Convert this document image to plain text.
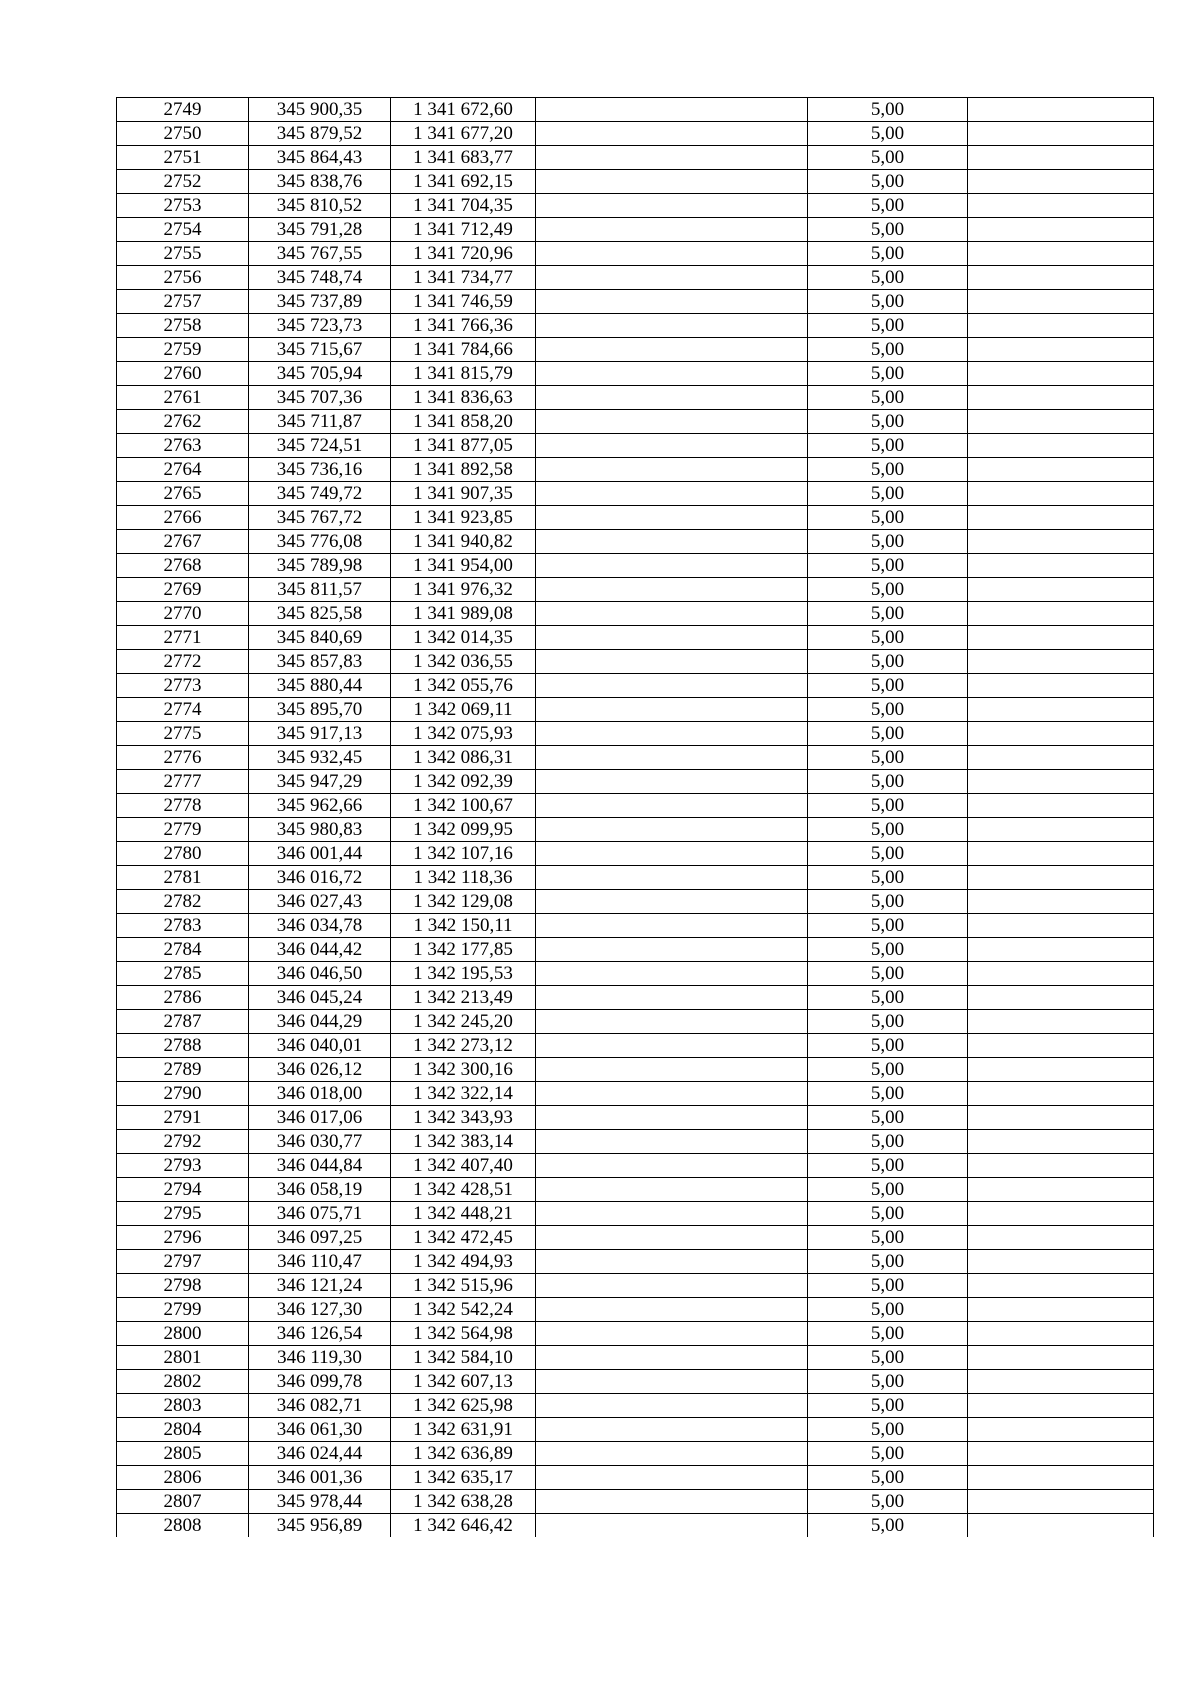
2749	345 900,35	1 341 672,60		5,00	
2750	345 879,52	1 341 677,20		5,00	
2751	345 864,43	1 341 683,77		5,00	
2752	345 838,76	1 341 692,15		5,00	
2753	345 810,52	1 341 704,35		5,00	
2754	345 791,28	1 341 712,49		5,00	
2755	345 767,55	1 341 720,96		5,00	
2756	345 748,74	1 341 734,77		5,00	
2757	345 737,89	1 341 746,59		5,00	
2758	345 723,73	1 341 766,36		5,00	
2759	345 715,67	1 341 784,66		5,00	
2760	345 705,94	1 341 815,79		5,00	
2761	345 707,36	1 341 836,63		5,00	
2762	345 711,87	1 341 858,20		5,00	
2763	345 724,51	1 341 877,05		5,00	
2764	345 736,16	1 341 892,58		5,00	
2765	345 749,72	1 341 907,35		5,00	
2766	345 767,72	1 341 923,85		5,00	
2767	345 776,08	1 341 940,82		5,00	
2768	345 789,98	1 341 954,00		5,00	
2769	345 811,57	1 341 976,32		5,00	
2770	345 825,58	1 341 989,08		5,00	
2771	345 840,69	1 342 014,35		5,00	
2772	345 857,83	1 342 036,55		5,00	
2773	345 880,44	1 342 055,76		5,00	
2774	345 895,70	1 342 069,11		5,00	
2775	345 917,13	1 342 075,93		5,00	
2776	345 932,45	1 342 086,31		5,00	
2777	345 947,29	1 342 092,39		5,00	
2778	345 962,66	1 342 100,67		5,00	
2779	345 980,83	1 342 099,95		5,00	
2780	346 001,44	1 342 107,16		5,00	
2781	346 016,72	1 342 118,36		5,00	
2782	346 027,43	1 342 129,08		5,00	
2783	346 034,78	1 342 150,11		5,00	
2784	346 044,42	1 342 177,85		5,00	
2785	346 046,50	1 342 195,53		5,00	
2786	346 045,24	1 342 213,49		5,00	
2787	346 044,29	1 342 245,20		5,00	
2788	346 040,01	1 342 273,12		5,00	
2789	346 026,12	1 342 300,16		5,00	
2790	346 018,00	1 342 322,14		5,00	
2791	346 017,06	1 342 343,93		5,00	
2792	346 030,77	1 342 383,14		5,00	
2793	346 044,84	1 342 407,40		5,00	
2794	346 058,19	1 342 428,51		5,00	
2795	346 075,71	1 342 448,21		5,00	
2796	346 097,25	1 342 472,45		5,00	
2797	346 110,47	1 342 494,93		5,00	
2798	346 121,24	1 342 515,96		5,00	
2799	346 127,30	1 342 542,24		5,00	
2800	346 126,54	1 342 564,98		5,00	
2801	346 119,30	1 342 584,10		5,00	
2802	346 099,78	1 342 607,13		5,00	
2803	346 082,71	1 342 625,98		5,00	
2804	346 061,30	1 342 631,91		5,00	
2805	346 024,44	1 342 636,89		5,00	
2806	346 001,36	1 342 635,17		5,00	
2807	345 978,44	1 342 638,28		5,00	
2808	345 956,89	1 342 646,42		5,00	
